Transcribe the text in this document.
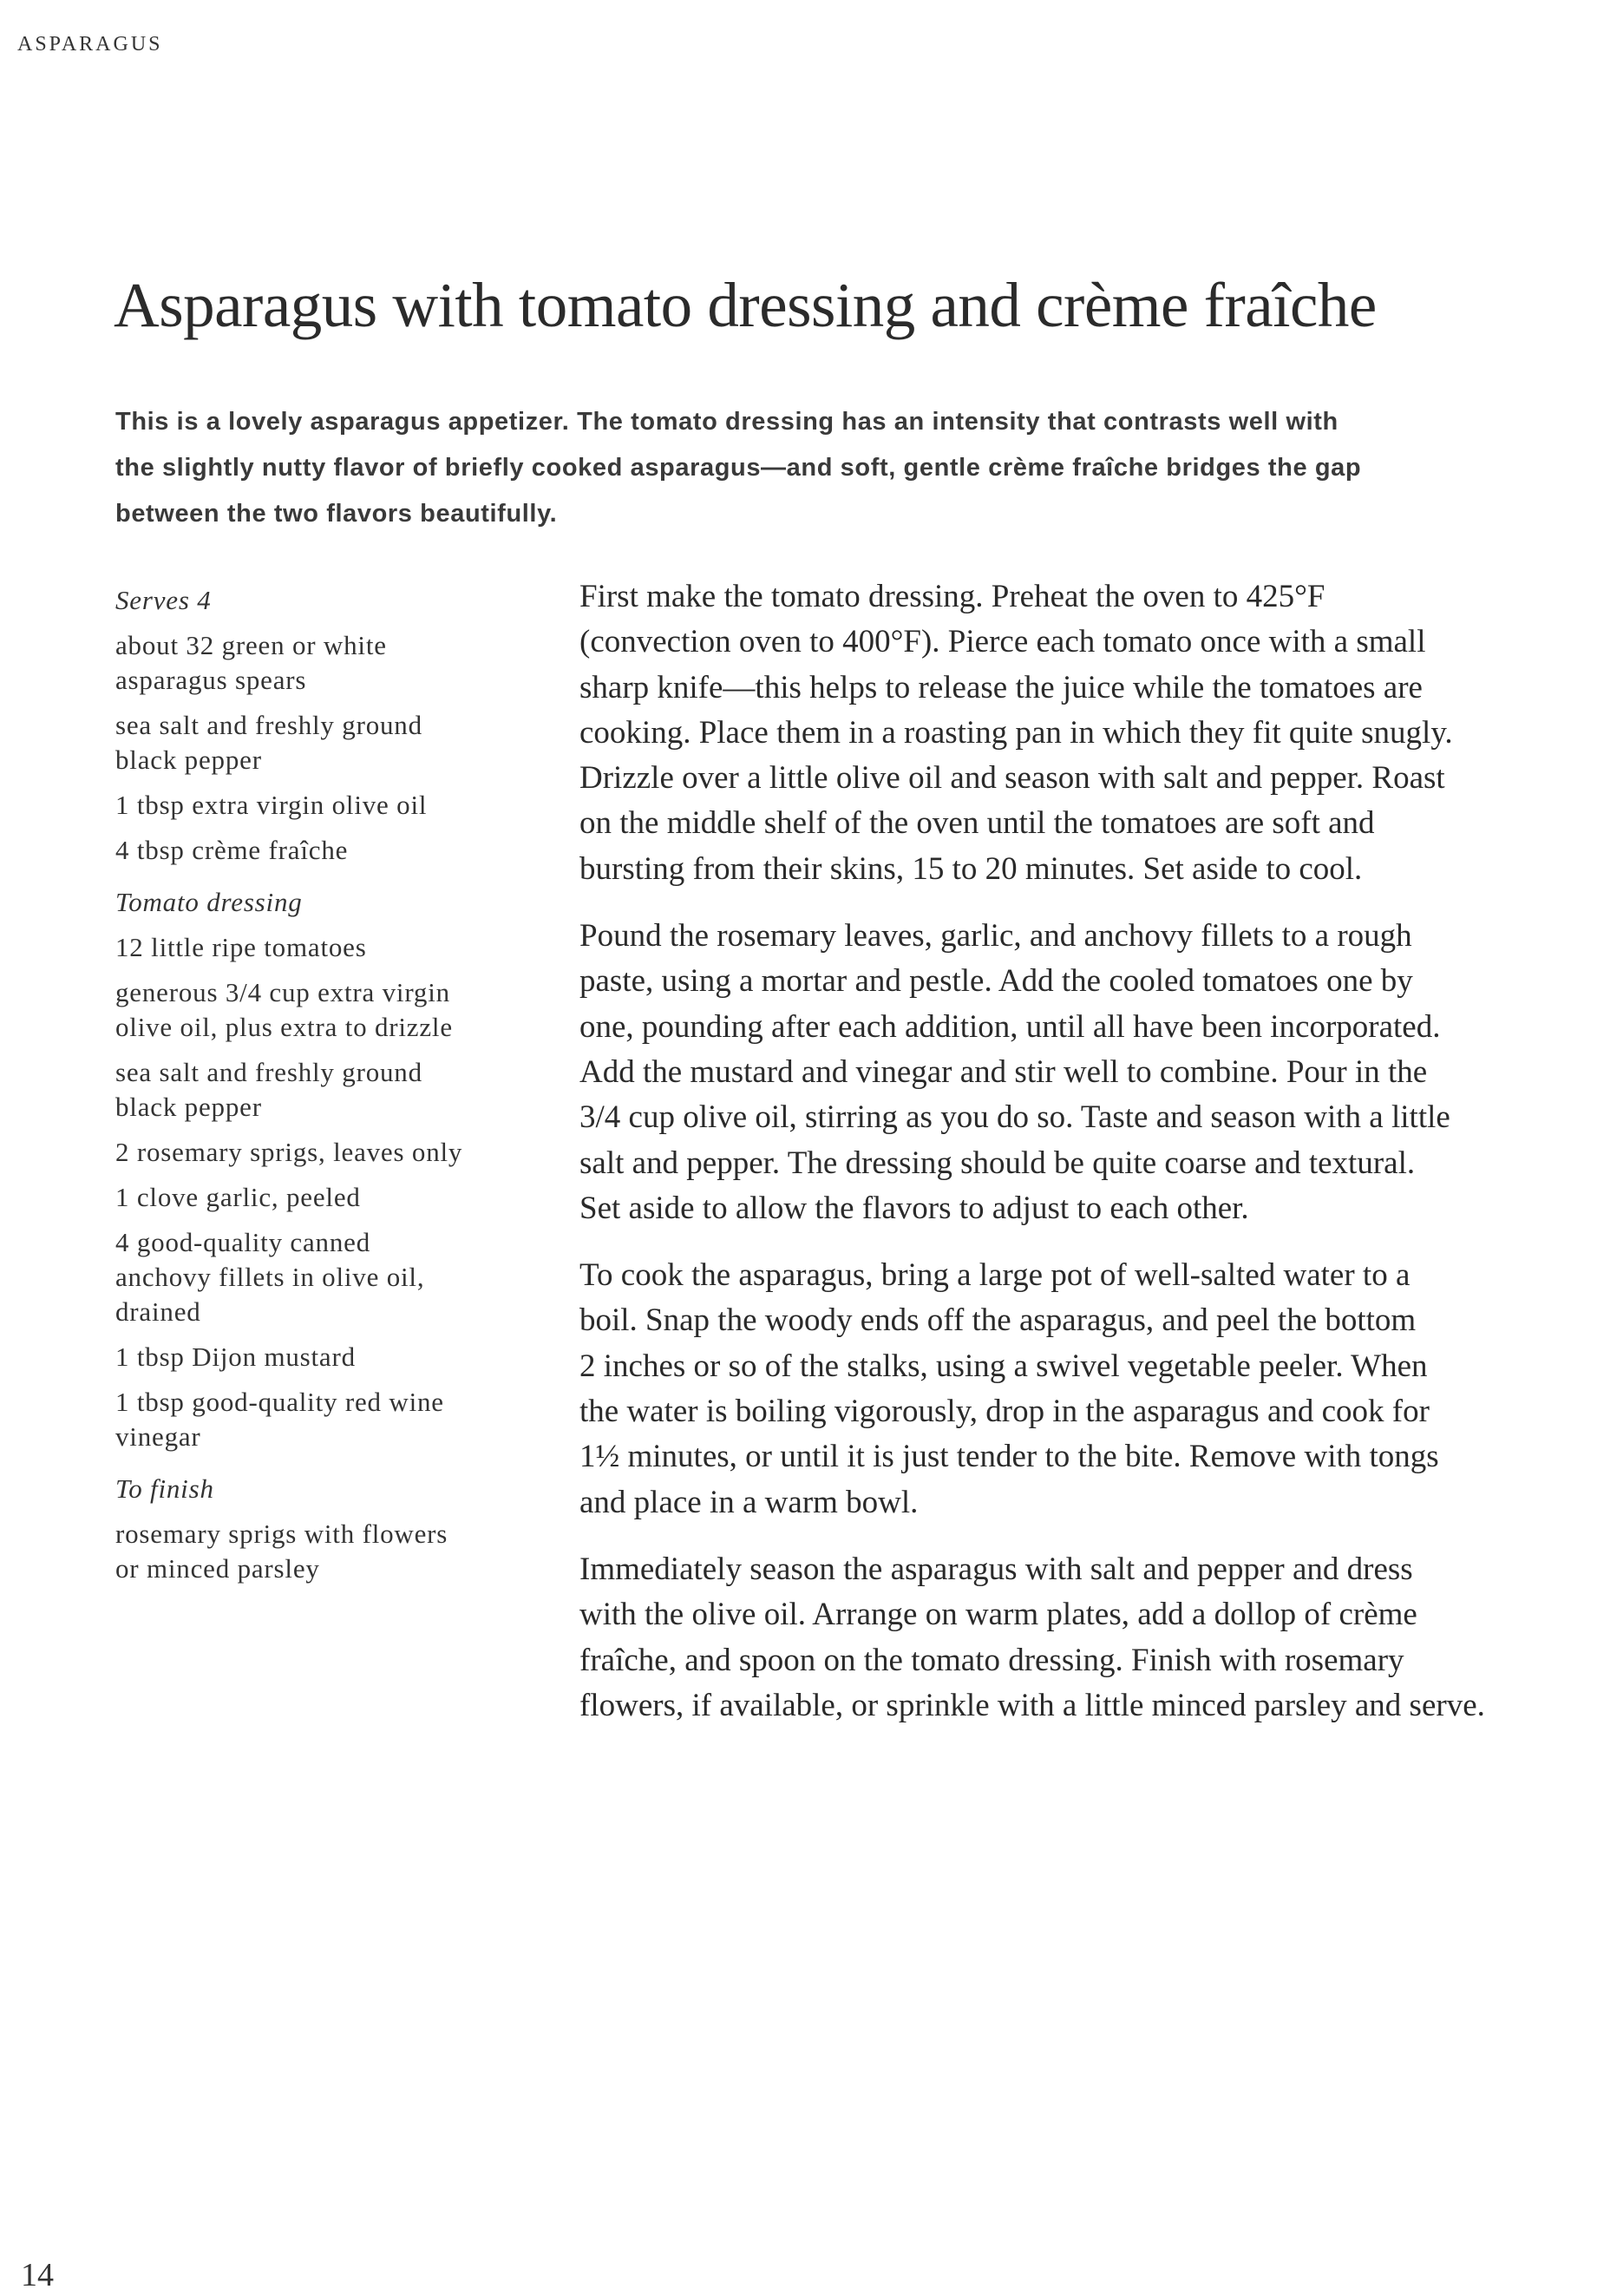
ASPARAGUS
Asparagus with tomato dressing and crème fraîche
This is a lovely asparagus appetizer. The tomato dressing has an intensity that contrasts well with
the slightly nutty flavor of briefly cooked asparagus—and soft, gentle crème fraîche bridges the gap
between the two flavors beautifully.
Serves 4
about 32 green or white
asparagus spears
sea salt and freshly ground
black pepper
1 tbsp extra virgin olive oil
4 tbsp crème fraîche
Tomato dressing
12 little ripe tomatoes
generous 3/4 cup extra virgin
olive oil, plus extra to drizzle
sea salt and freshly ground
black pepper
2 rosemary sprigs, leaves only
1 clove garlic, peeled
4 good-quality canned
anchovy fillets in olive oil,
drained
1 tbsp Dijon mustard
1 tbsp good-quality red wine
vinegar
To finish
rosemary sprigs with flowers
or minced parsley
First make the tomato dressing. Preheat the oven to 425°F
(convection oven to 400°F). Pierce each tomato once with a small
sharp knife—this helps to release the juice while the tomatoes are
cooking. Place them in a roasting pan in which they fit quite snugly.
Drizzle over a little olive oil and season with salt and pepper. Roast
on the middle shelf of the oven until the tomatoes are soft and
bursting from their skins, 15 to 20 minutes. Set aside to cool.
Pound the rosemary leaves, garlic, and anchovy fillets to a rough
paste, using a mortar and pestle. Add the cooled tomatoes one by
one, pounding after each addition, until all have been incorporated.
Add the mustard and vinegar and stir well to combine. Pour in the
3/4 cup olive oil, stirring as you do so. Taste and season with a little
salt and pepper. The dressing should be quite coarse and textural.
Set aside to allow the flavors to adjust to each other.
To cook the asparagus, bring a large pot of well-salted water to a
boil. Snap the woody ends off the asparagus, and peel the bottom
2 inches or so of the stalks, using a swivel vegetable peeler. When
the water is boiling vigorously, drop in the asparagus and cook for
1½ minutes, or until it is just tender to the bite. Remove with tongs
and place in a warm bowl.
Immediately season the asparagus with salt and pepper and dress
with the olive oil. Arrange on warm plates, add a dollop of crème
fraîche, and spoon on the tomato dressing. Finish with rosemary
flowers, if available, or sprinkle with a little minced parsley and serve.
14
